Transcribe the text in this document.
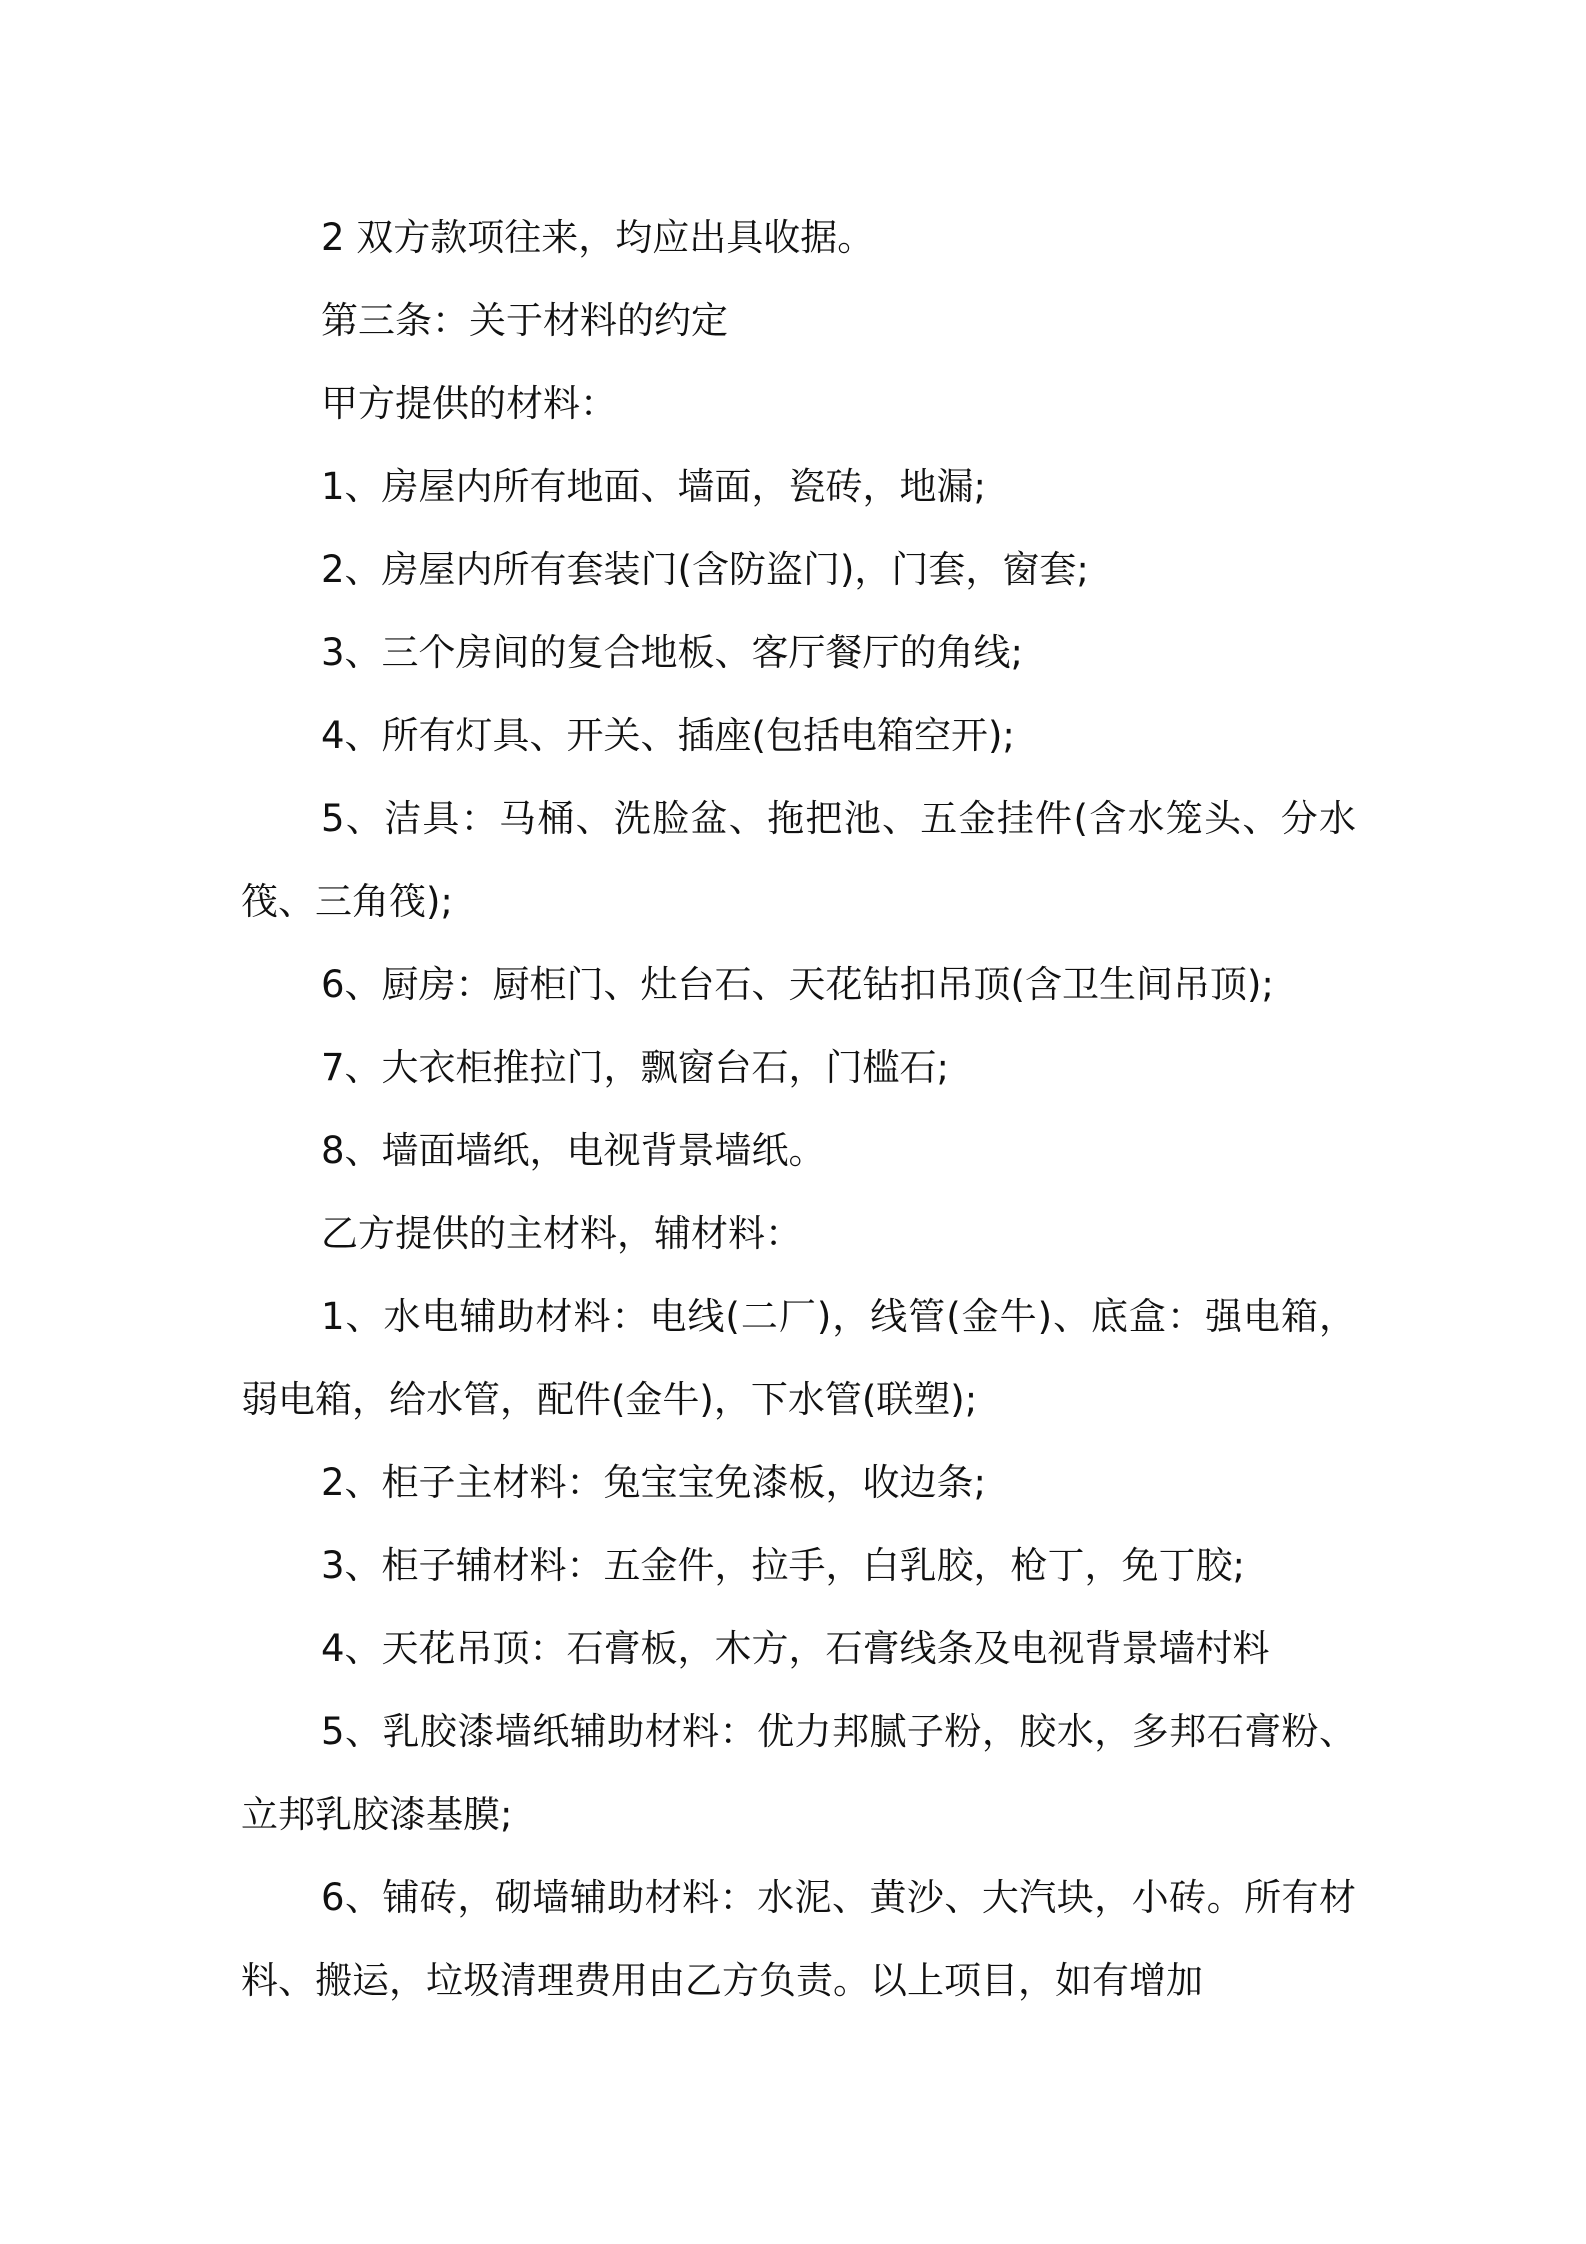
2 双方款项往来，均应出具收据。

第三条：关于材料的约定

甲方提供的材料：

1、房屋内所有地面、墙面，瓷砖，地漏;

2、房屋内所有套装门(含防盗门)，门套，窗套;

3、三个房间的复合地板、客厅餐厅的角线;

4、所有灯具、开关、插座(包括电箱空开);

5、洁具：马桶、洗脸盆、拖把池、五金挂件(含水笼头、分水筏、三角筏);

6、厨房：厨柜门、灶台石、天花钻扣吊顶(含卫生间吊顶);

7、大衣柜推拉门，飘窗台石，门槛石;

8、墙面墙纸，电视背景墙纸。

乙方提供的主材料，辅材料：

1、水电辅助材料：电线(二厂)，线管(金牛)、底盒：强电箱，弱电箱，给水管，配件(金牛)，下水管(联塑);

2、柜子主材料：兔宝宝免漆板，收边条;

3、柜子辅材料：五金件，拉手，白乳胶，枪丁，免丁胶;

4、天花吊顶：石膏板，木方，石膏线条及电视背景墙村料

5、乳胶漆墙纸辅助材料：优力邦腻子粉，胶水，多邦石膏粉、立邦乳胶漆基膜;

6、铺砖，砌墙辅助材料：水泥、黄沙、大汽块，小砖。所有材料、搬运，垃圾清理费用由乙方负责。以上项目，如有增加
